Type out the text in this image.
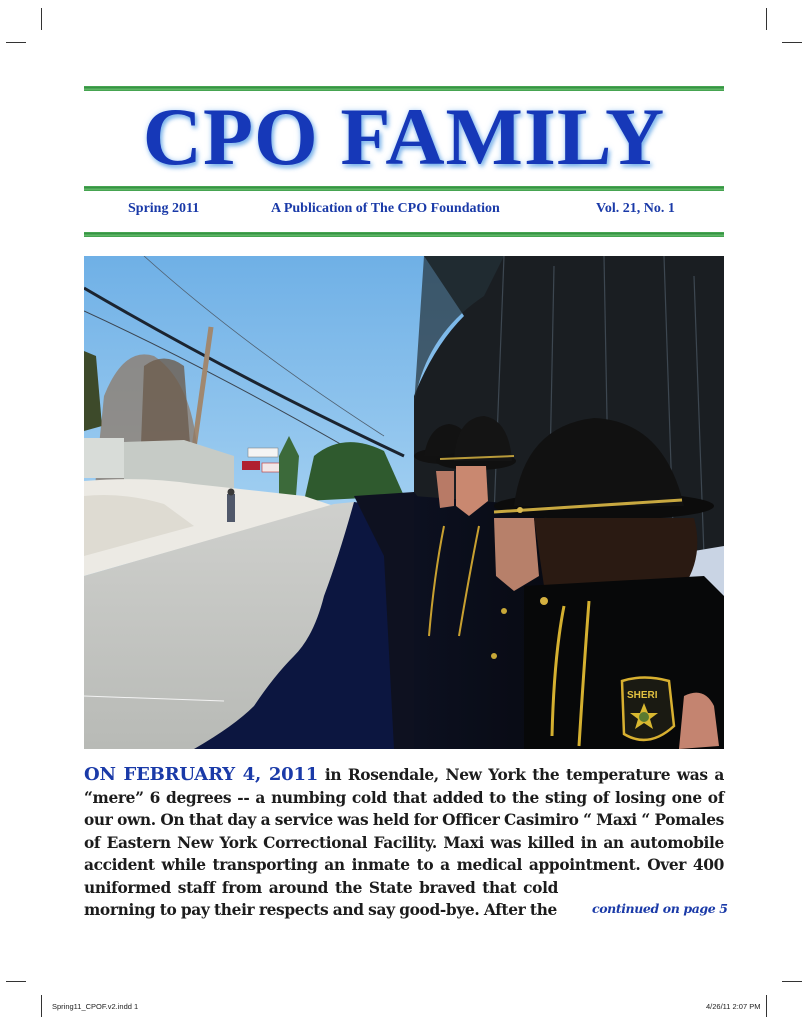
CPO FAMILY
Spring 2011	A Publication of The CPO Foundation	Vol. 21, No. 1
SHERI
ON FEBRUARY 4, 2011 in Rosendale, New York the temperature was a
“mere” 6 degrees -- a numbing cold that added to the sting of losing one of
our own. On that day a service was held for Officer Casimiro “ Maxi “ Pomales
of Eastern New York Correctional Facility. Maxi was killed in an automobile
accident while transporting an inmate to a medical appointment. Over 400
uniformed staff from around the State braved that cold
morning to pay their respects and say good-bye. After the	continued on page 5
Spring11_CPOF.v2.indd 1	4/26/11 2:07 PM
